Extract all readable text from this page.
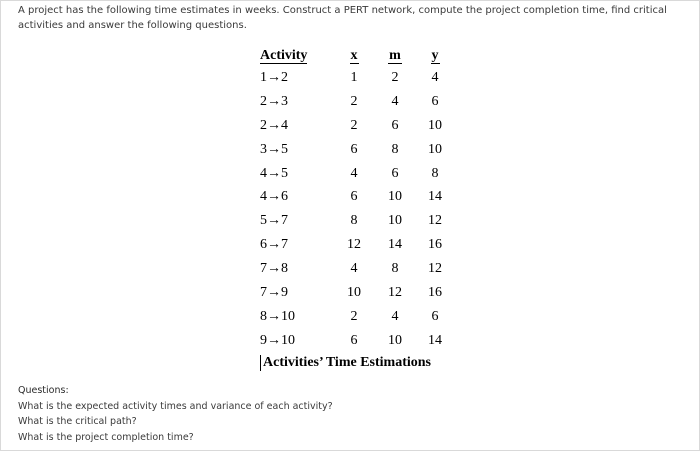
A project has the following time estimates in weeks. Construct a PERT network, compute the project completion time, find critical activities and answer the following questions.
Activity	x	m	y
1→2	1	2	4
2→3	2	4	6
2→4	2	6	10
3→5	6	8	10
4→5	4	6	8
4→6	6	10	14
5→7	8	10	12
6→7	12	14	16
7→8	4	8	12
7→9	10	12	16
8→10	2	4	6
9→10	6	10	14
Activities’ Time Estimations
Questions:
What is the expected activity times and variance of each activity?
What is the critical path?
What is the project completion time?
